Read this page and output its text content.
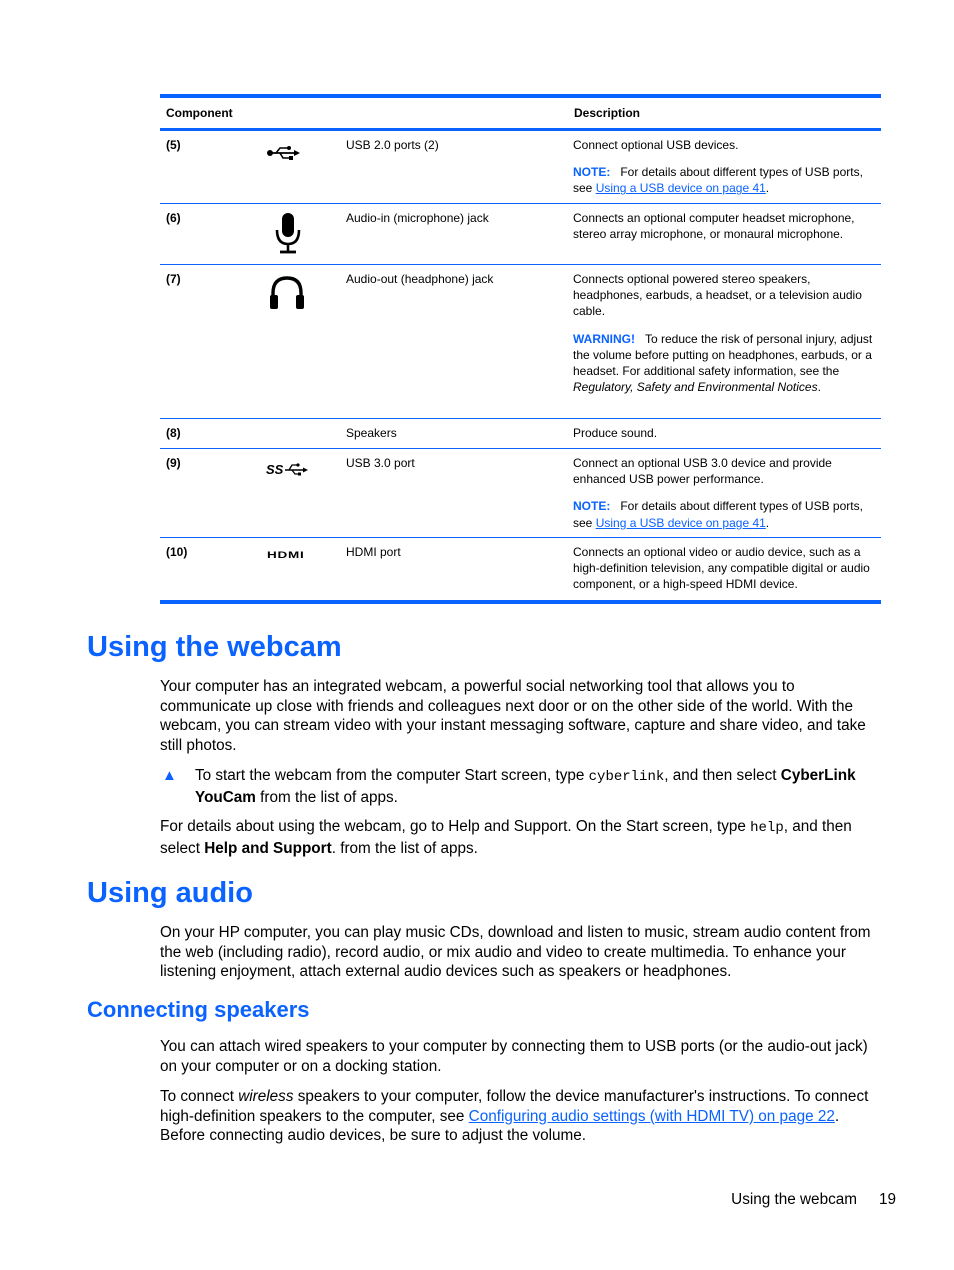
Component	Description
(5)	USB 2.0 ports (2)	Connect optional USB devices.

NOTE: For details about different types of USB ports, see Using a USB device on page 41.

(6)	Audio-in (microphone) jack	Connects an optional computer headset microphone, stereo array microphone, or monaural microphone.

(7)	Audio-out (headphone) jack	Connects optional powered stereo speakers, headphones, earbuds, a headset, or a television audio cable.

WARNING! To reduce the risk of personal injury, adjust the volume before putting on headphones, earbuds, or a headset. For additional safety information, see the Regulatory, Safety and Environmental Notices.

(8)	Speakers	Produce sound.

(9)	SS	USB 3.0 port	Connect an optional USB 3.0 device and provide enhanced USB power performance.

NOTE: For details about different types of USB ports, see Using a USB device on page 41.

(10)	HDMI	HDMI port	Connects an optional video or audio device, such as a high-definition television, any compatible digital or audio component, or a high-speed HDMI device.

Using the webcam

Your computer has an integrated webcam, a powerful social networking tool that allows you to communicate up close with friends and colleagues next door or on the other side of the world. With the webcam, you can stream video with your instant messaging software, capture and share video, and take still photos.

▲ To start the webcam from the computer Start screen, type cyberlink, and then select CyberLink YouCam from the list of apps.

For details about using the webcam, go to Help and Support. On the Start screen, type help, and then select Help and Support. from the list of apps.

Using audio

On your HP computer, you can play music CDs, download and listen to music, stream audio content from the web (including radio), record audio, or mix audio and video to create multimedia. To enhance your listening enjoyment, attach external audio devices such as speakers or headphones.

Connecting speakers

You can attach wired speakers to your computer by connecting them to USB ports (or the audio-out jack) on your computer or on a docking station.

To connect wireless speakers to your computer, follow the device manufacturer's instructions. To connect high-definition speakers to the computer, see Configuring audio settings (with HDMI TV) on page 22. Before connecting audio devices, be sure to adjust the volume.

Using the webcam 19
